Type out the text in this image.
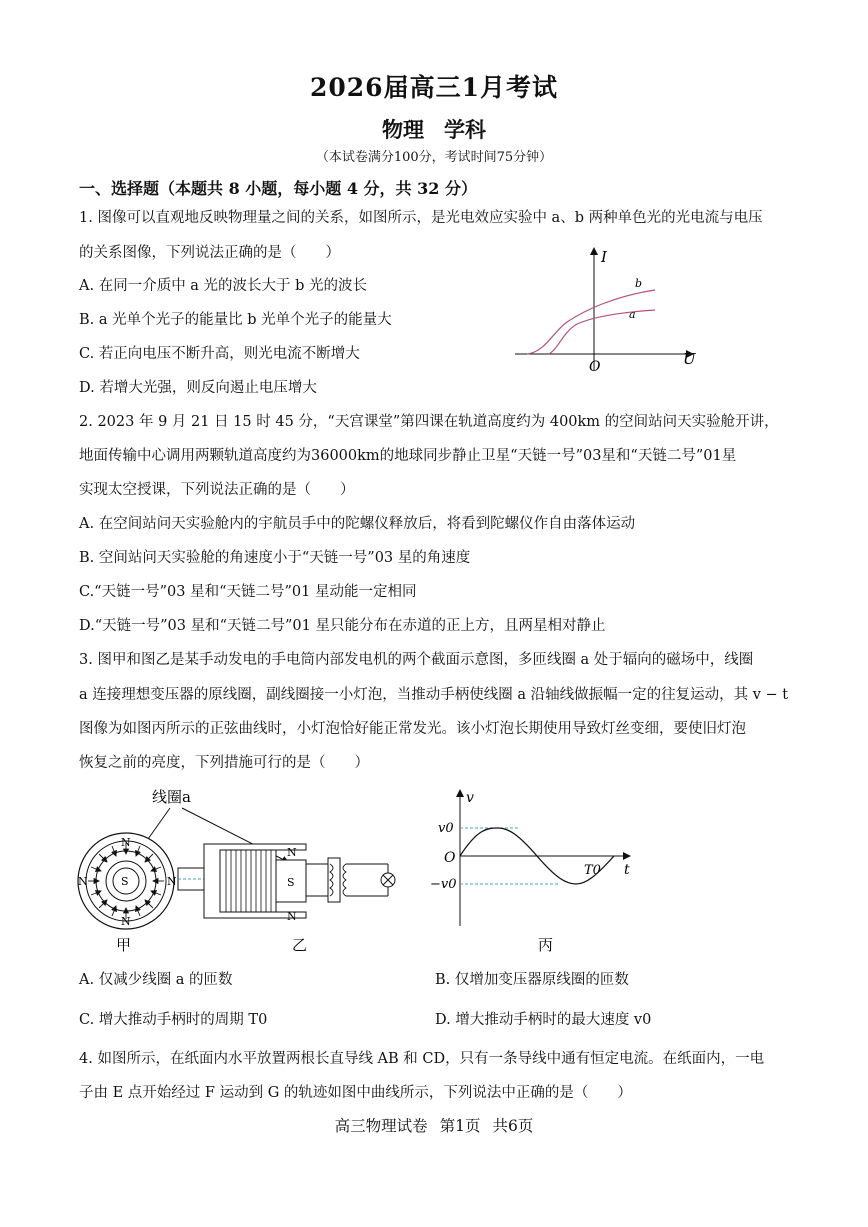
2026届高三1月考试
物理 学科
（本试卷满分100分，考试时间75分钟）
一、选择题（本题共 8 小题，每小题 4 分，共 32 分）
1. 图像可以直观地反映物理量之间的关系，如图所示，是光电效应实验中 a、b 两种单色光的光电流与电压
的关系图像，下列说法正确的是（　　）
A. 在同一介质中 a 光的波长大于 b 光的波长
B. a 光单个光子的能量比 b 光单个光子的能量大
C. 若正向电压不断升高，则光电流不断增大
D. 若增大光强，则反向遏止电压增大
I
U
O
b
a
2. 2023 年 9 月 21 日 15 时 45 分，“天宫课堂”第四课在轨道高度约为 400km 的空间站问天实验舱开讲，
地面传输中心调用两颗轨道高度约为36000km的地球同步静止卫星“天链一号”03星和“天链二号”01星
实现太空授课，下列说法正确的是（　　）
A. 在空间站问天实验舱内的宇航员手中的陀螺仪释放后，将看到陀螺仪作自由落体运动
B. 空间站问天实验舱的角速度小于“天链一号”03 星的角速度
C.“天链一号”03 星和“天链二号”01 星动能一定相同
D.“天链一号”03 星和“天链二号”01 星只能分布在赤道的正上方，且两星相对静止
3. 图甲和图乙是某手动发电的手电筒内部发电机的两个截面示意图，多匝线圈 a 处于辐向的磁场中，线圈
a 连接理想变压器的原线圈，副线圈接一小灯泡，当推动手柄使线圈 a 沿轴线做振幅一定的往复运动，其 v − t
图像为如图丙所示的正弦曲线时，小灯泡恰好能正常发光。该小灯泡长期使用导致灯丝变细，要使旧灯泡
恢复之前的亮度，下列措施可行的是（　　）
线圈a
N
N
N	N
S	S
N
N
甲	乙
v
t
O
v0
−v0
T0
丙
A. 仅减少线圈 a 的匝数	B. 仅增加变压器原线圈的匝数
C. 增大推动手柄时的周期 T0	D. 增大推动手柄时的最大速度 v0
4. 如图所示，在纸面内水平放置两根长直导线 AB 和 CD，只有一条导线中通有恒定电流。在纸面内，一电
子由 E 点开始经过 F 运动到 G 的轨迹如图中曲线所示，下列说法中正确的是（　　）
高三物理试卷 第1页 共6页
